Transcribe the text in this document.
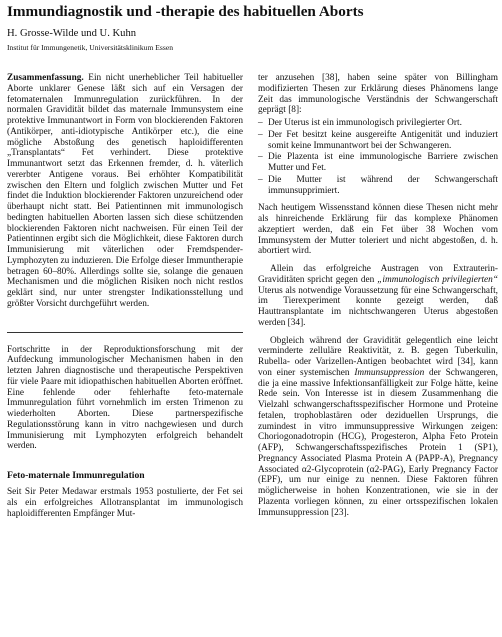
Immundiagnostik und -therapie des habituellen Aborts
H. Grosse-Wilde und U. Kuhn
Institut für Immungenetik, Universitätsklinikum Essen

Zusammenfassung. Ein nicht unerheblicher Teil habitueller Aborte unklarer Genese läßt sich auf ein Versagen der fetomaternalen Immunregulation zurückführen. In der normalen Gravidität bildet das maternale Immunsystem eine protektive Immunantwort in Form von blockierenden Faktoren (Antikörper, anti-idiotypische Antikörper etc.), die eine mögliche Abstoßung des genetisch haploidifferenten „Transplantats“ Fet verhindert. Diese protektive Immunantwort setzt das Erkennen fremder, d. h. väterlich vererbter Antigene voraus. Bei erhöhter Kompatibilität zwischen den Eltern und folglich zwischen Mutter und Fet findet die Induktion blockierender Faktoren unzureichend oder überhaupt nicht statt. Bei Patientinnen mit immunologisch bedingten habituellen Aborten lassen sich diese schützenden blockierenden Faktoren nicht nachweisen. Für einen Teil der Patientinnen ergibt sich die Möglichkeit, diese Faktoren durch Immunisierung mit väterlichen oder Fremdspender-Lymphozyten zu induzieren. Die Erfolge dieser Immuntherapie betragen 60–80%. Allerdings sollte sie, solange die genauen Mechanismen und die möglichen Risiken noch nicht restlos geklärt sind, nur unter strengster Indikationsstellung und größter Vorsicht durchgeführt werden.

Fortschritte in der Reproduktionsforschung mit der Aufdeckung immunologischer Mechanismen haben in den letzten Jahren diagnostische und therapeutische Perspektiven für viele Paare mit idiopathischen habituellen Aborten eröffnet. Eine fehlende oder fehlerhafte feto-maternale Immunregulation führt vornehmlich im ersten Trimenon zu wiederholten Aborten. Diese partnerspezifische Regulationsstörung kann in vitro nachgewiesen und durch Immunisierung mit Lymphozyten erfolgreich behandelt werden.

Feto-maternale Immunregulation

Seit Sir Peter Medawar erstmals 1953 postulierte, der Fet sei als ein erfolgreiches Allotransplantat im immunologisch haploidifferenten Empfänger Mut-

ter anzusehen [38], haben seine später von Billingham modifizierten Thesen zur Erklärung dieses Phänomens lange Zeit das immunologische Verständnis der Schwangerschaft geprägt [8]:

– Der Uterus ist ein immunologisch privilegierter Ort.
– Der Fet besitzt keine ausgereifte Antigenität und induziert somit keine Immunantwort bei der Schwangeren.
– Die Plazenta ist eine immunologische Barriere zwischen Mutter und Fet.
– Die Mutter ist während der Schwangerschaft immunsupprimiert.

Nach heutigem Wissensstand können diese Thesen nicht mehr als hinreichende Erklärung für das komplexe Phänomen akzeptiert werden, daß ein Fet über 38 Wochen vom Immunsystem der Mutter toleriert und nicht abgestoßen, d. h. abortiert wird.

Allein das erfolgreiche Austragen von Extrauterin-Graviditäten spricht gegen den „immunologisch privilegierten“ Uterus als notwendige Voraussetzung für eine Schwangerschaft, im Tierexperiment konnte gezeigt werden, daß Hauttransplantate im nichtschwangeren Uterus abgestoßen werden [34].

Obgleich während der Gravidität gelegentlich eine leicht verminderte zelluläre Reaktivität, z. B. gegen Tuberkulin, Rubella- oder Varizellen-Antigen beobachtet wird [34], kann von einer systemischen Immunsuppression der Schwangeren, die ja eine massive Infektionsanfälligkeit zur Folge hätte, keine Rede sein. Von Interesse ist in diesem Zusammenhang die Vielzahl schwangerschaftsspezifischer Hormone und Proteine fetalen, trophoblastären oder deziduellen Ursprungs, die zumindest in vitro immunsuppressive Wirkungen zeigen: Choriogonadotropin (HCG), Progesteron, Alpha Feto Protein (AFP), Schwangerschaftsspezifisches Protein 1 (SP1), Pregnancy Associated Plasma Protein A (PAPP-A), Pregnancy Associated α2-Glycoprotein (α2-PAG), Early Pregnancy Factor (EPF), um nur einige zu nennen. Diese Faktoren führen möglicherweise in hohen Konzentrationen, wie sie in der Plazenta vorliegen können, zu einer ortsspezifischen lokalen Immunsuppression [23].
